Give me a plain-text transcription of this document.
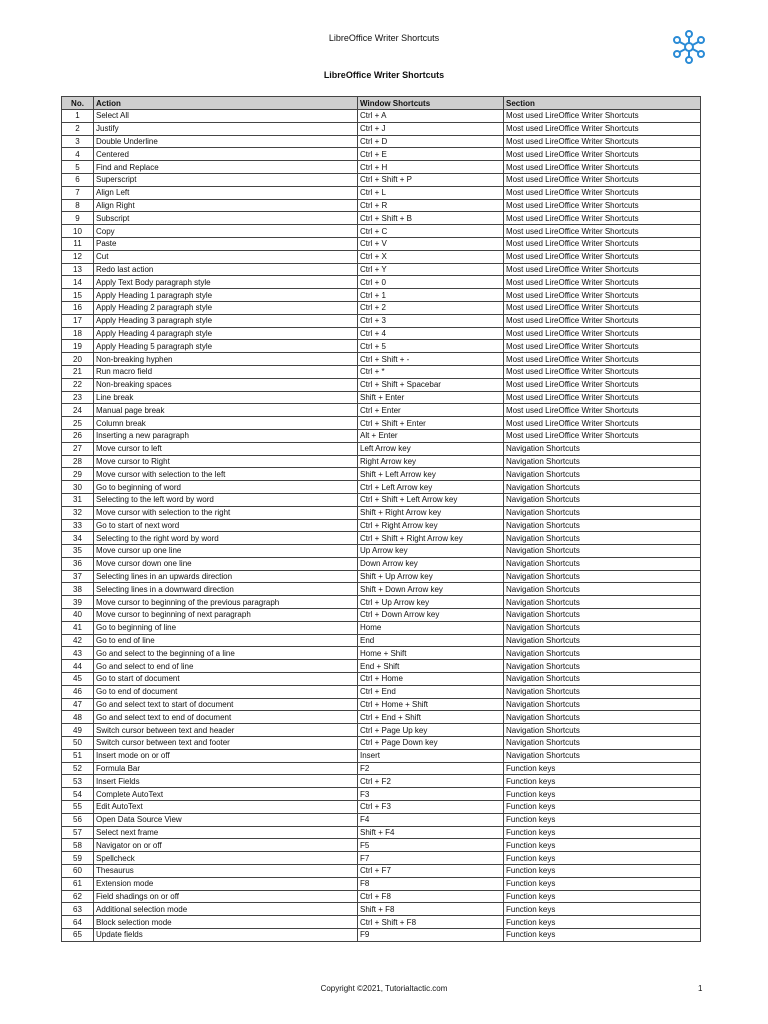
LibreOffice Writer Shortcuts
LibreOffice Writer Shortcuts
No.	Action	Window Shortcuts	Section
1	Select All	Ctrl + A	Most used LireOffice Writer Shortcuts
2	Justify	Ctrl + J	Most used LireOffice Writer Shortcuts
3	Double Underline	Ctrl + D	Most used LireOffice Writer Shortcuts
4	Centered	Ctrl + E	Most used LireOffice Writer Shortcuts
5	Find and Replace	Ctrl + H	Most used LireOffice Writer Shortcuts
6	Superscript	Ctrl + Shift + P	Most used LireOffice Writer Shortcuts
7	Align Left	Ctrl + L	Most used LireOffice Writer Shortcuts
8	Align Right	Ctrl + R	Most used LireOffice Writer Shortcuts
9	Subscript	Ctrl + Shift + B	Most used LireOffice Writer Shortcuts
10	Copy	Ctrl + C	Most used LireOffice Writer Shortcuts
11	Paste	Ctrl + V	Most used LireOffice Writer Shortcuts
12	Cut	Ctrl + X	Most used LireOffice Writer Shortcuts
13	Redo last action	Ctrl + Y	Most used LireOffice Writer Shortcuts
14	Apply Text Body paragraph style	Ctrl + 0	Most used LireOffice Writer Shortcuts
15	Apply Heading 1 paragraph style	Ctrl + 1	Most used LireOffice Writer Shortcuts
16	Apply Heading 2 paragraph style	Ctrl + 2	Most used LireOffice Writer Shortcuts
17	Apply Heading 3 paragraph style	Ctrl + 3	Most used LireOffice Writer Shortcuts
18	Apply Heading 4 paragraph style	Ctrl + 4	Most used LireOffice Writer Shortcuts
19	Apply Heading 5 paragraph style	Ctrl + 5	Most used LireOffice Writer Shortcuts
20	Non-breaking hyphen	Ctrl + Shift + -	Most used LireOffice Writer Shortcuts
21	Run macro field	Ctrl + *	Most used LireOffice Writer Shortcuts
22	Non-breaking spaces	Ctrl + Shift + Spacebar	Most used LireOffice Writer Shortcuts
23	Line break	Shift + Enter	Most used LireOffice Writer Shortcuts
24	Manual page break	Ctrl + Enter	Most used LireOffice Writer Shortcuts
25	Column break	Ctrl + Shift + Enter	Most used LireOffice Writer Shortcuts
26	Inserting a new paragraph	Alt + Enter	Most used LireOffice Writer Shortcuts
27	Move cursor to left	Left Arrow key	Navigation Shortcuts
28	Move cursor to Right	Right Arrow key	Navigation Shortcuts
29	Move cursor with selection to the left	Shift + Left Arrow key	Navigation Shortcuts
30	Go to beginning of word	Ctrl + Left Arrow key	Navigation Shortcuts
31	Selecting to the left word by word	Ctrl + Shift + Left Arrow key	Navigation Shortcuts
32	Move cursor with selection to the right	Shift + Right Arrow key	Navigation Shortcuts
33	Go to start of next word	Ctrl + Right Arrow key	Navigation Shortcuts
34	Selecting to the right word by word	Ctrl + Shift + Right Arrow key	Navigation Shortcuts
35	Move cursor up one line	Up Arrow key	Navigation Shortcuts
36	Move cursor down one line	Down Arrow key	Navigation Shortcuts
37	Selecting lines in an upwards direction	Shift + Up Arrow key	Navigation Shortcuts
38	Selecting lines in a downward direction	Shift + Down Arrow key	Navigation Shortcuts
39	Move cursor to beginning of the previous paragraph	Ctrl + Up Arrow key	Navigation Shortcuts
40	Move cursor to beginning of next paragraph	Ctrl + Down Arrow key	Navigation Shortcuts
41	Go to beginning of line	Home	Navigation Shortcuts
42	Go to end of line	End	Navigation Shortcuts
43	Go and select to the beginning of a line	Home + Shift	Navigation Shortcuts
44	Go and select to end of line	End + Shift	Navigation Shortcuts
45	Go to start of document	Ctrl + Home	Navigation Shortcuts
46	Go to end of document	Ctrl + End	Navigation Shortcuts
47	Go and select text to start of document	Ctrl + Home + Shift	Navigation Shortcuts
48	Go and select text to end of document	Ctrl + End + Shift	Navigation Shortcuts
49	Switch cursor between text and header	Ctrl + Page Up key	Navigation Shortcuts
50	Switch cursor between text and footer	Ctrl + Page Down key	Navigation Shortcuts
51	Insert mode on or off	Insert	Navigation Shortcuts
52	Formula Bar	F2	Function keys
53	Insert Fields	Ctrl + F2	Function keys
54	Complete AutoText	F3	Function keys
55	Edit AutoText	Ctrl + F3	Function keys
56	Open Data Source View	F4	Function keys
57	Select next frame	Shift + F4	Function keys
58	Navigator on or off	F5	Function keys
59	Spellcheck	F7	Function keys
60	Thesaurus	Ctrl + F7	Function keys
61	Extension mode	F8	Function keys
62	Field shadings on or off	Ctrl + F8	Function keys
63	Additional selection mode	Shift + F8	Function keys
64	Block selection mode	Ctrl + Shift + F8	Function keys
65	Update fields	F9	Function keys
Copyright ©2021, Tutorialtactic.com	1
